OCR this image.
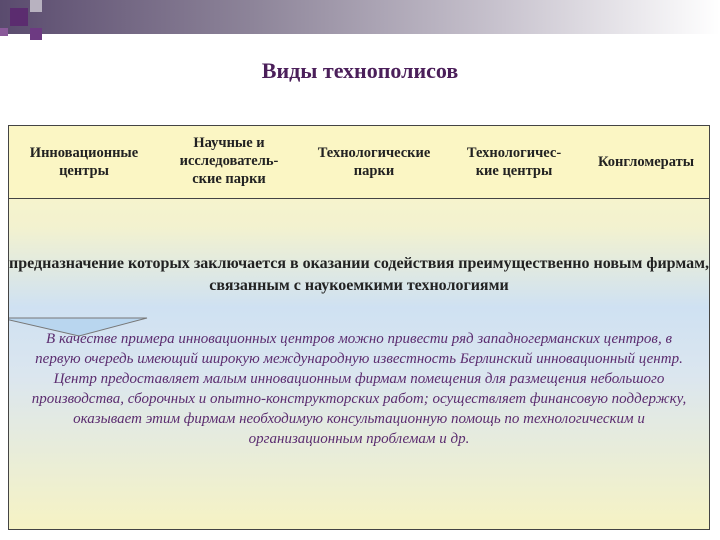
Виды технополисов
Инновационные
центры
Научные и
исследователь-
ские парки
Технологические
парки
Технологичес-
кие центры
Конгломераты
предназначение которых заключается в оказании содействия преимущественно новым фирмам, связанным с наукоемкими технологиями
В качестве примера инновационных центров можно привести ряд западногерманских центров, в первую очередь имеющий широкую международную известность Берлинский инновационный центр. Центр предоставляет малым инновационным фирмам помещения для размещения небольшого производства, сборочных и опытно-конструкторских работ; осуществляет финансовую поддержку, оказывает этим фирмам необходимую консультационную помощь по технологическим и организационным проблемам и др.
